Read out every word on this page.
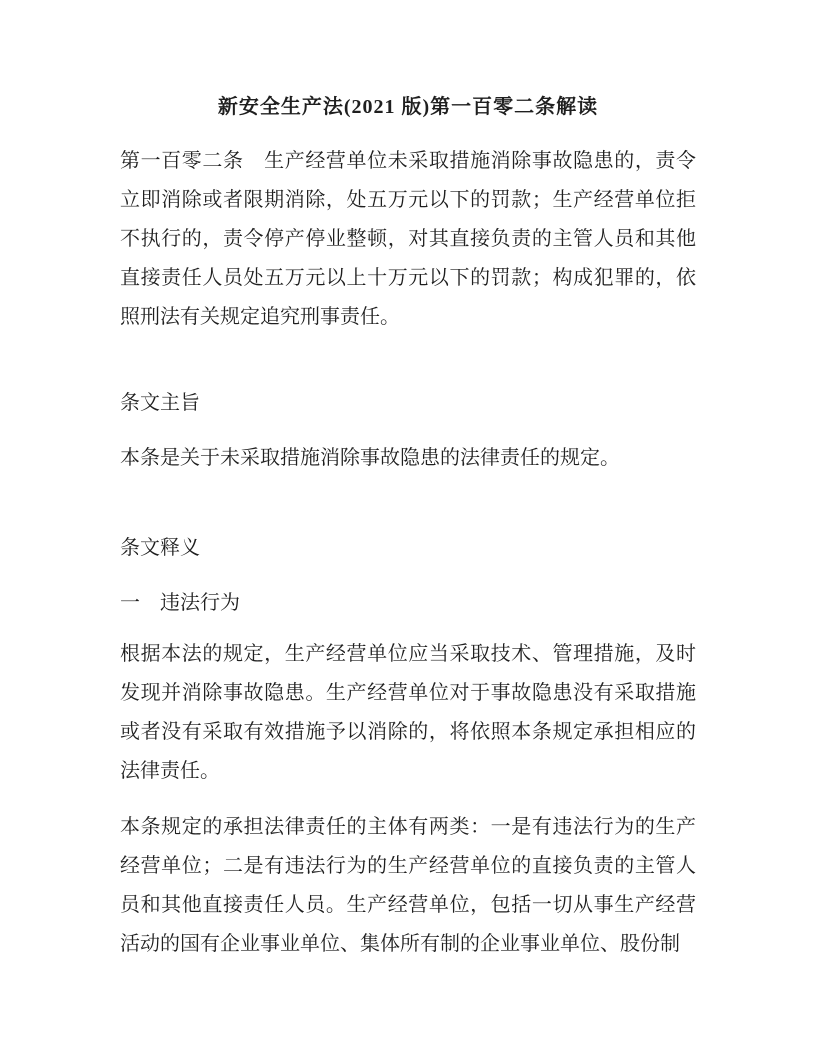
新安全生产法(2021 版)第一百零二条解读

第一百零二条　生产经营单位未采取措施消除事故隐患的，责令立即消除或者限期消除，处五万元以下的罚款；生产经营单位拒不执行的，责令停产停业整顿，对其直接负责的主管人员和其他直接责任人员处五万元以上十万元以下的罚款；构成犯罪的，依照刑法有关规定追究刑事责任。

条文主旨

本条是关于未采取措施消除事故隐患的法律责任的规定。

条文释义
一　违法行为

根据本法的规定，生产经营单位应当采取技术、管理措施，及时发现并消除事故隐患。生产经营单位对于事故隐患没有采取措施或者没有采取有效措施予以消除的，将依照本条规定承担相应的法律责任。

本条规定的承担法律责任的主体有两类：一是有违法行为的生产经营单位；二是有违法行为的生产经营单位的直接负责的主管人员和其他直接责任人员。生产经营单位，包括一切从事生产经营活动的国有企业事业单位、集体所有制的企业事业单位、股份制
